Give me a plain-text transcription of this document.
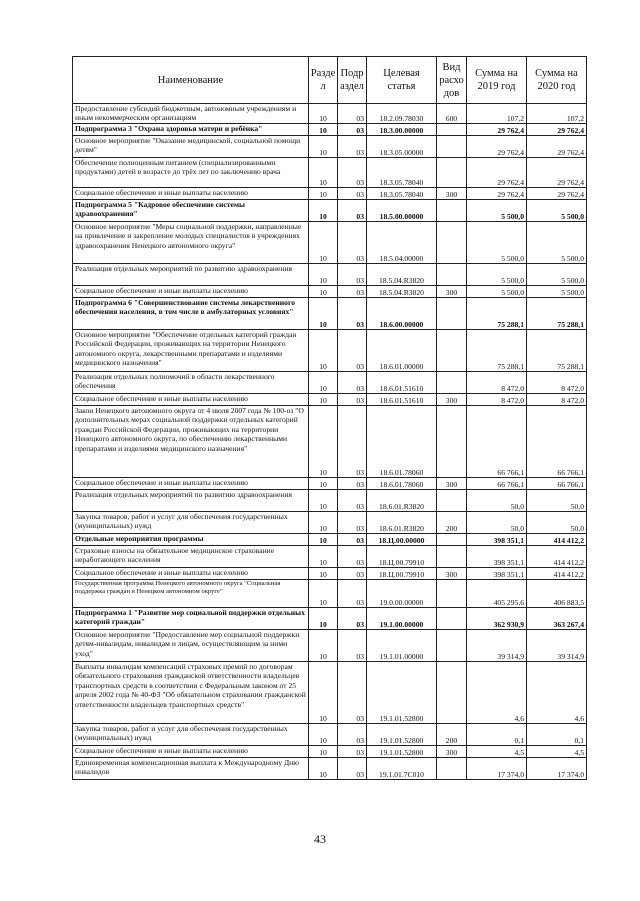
Наименование	Разде л	Подр аздел	Целевая статья	Вид расхо дов	Сумма на 2019 год	Сумма на 2020 год
Предоставление субсидий бюджетным, автономным учреждениям и иным некоммерческим организациям	10	03	18.2.09.78030	600	107,2	107,2
Подпрограмма 3 "Охрана здоровья матери и ребёнка"	10	03	18.3.00.00000		29 762,4	29 762,4
Основное мероприятие "Оказание медицинской, социальной помощи детям"	10	03	18.3.05.00000		29 762,4	29 762,4
Обеспечение полноценным питанием (специализированными продуктами) детей в возрасте до трёх лет по заключению врача	10	03	18.3.05.78040		29 762,4	29 762,4
Социальное обеспечение и иные выплаты населению	10	03	18.3.05.78040	300	29 762,4	29 762,4
Подпрограмма 5 "Кадровое обеспечение системы здравоохранения"	10	03	18.5.00.00000		5 500,0	5 500,0
Основное мероприятие "Меры социальной поддержки, направленные на привлечение и закрепление молодых специалистов в учреждениях здравоохранения Ненецкого автономного округа"	10	03	18.5.04.00000		5 500,0	5 500,0
Реализация отдельных мероприятий по развитию здравоохранения	10	03	18.5.04.R3820		5 500,0	5 500,0
Социальное обеспечение и иные выплаты населению	10	03	18.5.04.R3820	300	5 500,0	5 500,0
Подпрограмма 6 "Совершенствование системы лекарственного обеспечения населения, в том числе в амбулаторных условиях"	10	03	18.6.00.00000		75 288,1	75 288,1
Основное мероприятие "Обеспечение отдельных категорий граждан Российской Федерации, проживающих на территории Ненецкого автономного округа, лекарственными препаратами и изделиями медицинского назначения"	10	03	18.6.01.00000		75 288,1	75 288,1
Реализация отдельных полномочий в области лекарственного обеспечения	10	03	18.6.01.51610		8 472,0	8 472,0
Социальное обеспечение и иные выплаты населению	10	03	18.6.01.51610	300	8 472,0	8 472,0
Закон Ненецкого автономного округа от 4 июля 2007 года № 100-оз "О дополнительных мерах социальной поддержки отдельных категорий граждан Российской Федерации, проживающих на территории Ненецкого автономного округа, по обеспечению лекарственными препаратами и изделиями медицинского назначения"	10	03	18.6.01.78060		66 766,1	66 766,1
Социальное обеспечение и иные выплаты населению	10	03	18.6.01.78060	300	66 766,1	66 766,1
Реализация отдельных мероприятий по развитию здравоохранения	10	03	18.6.01.R3820		50,0	50,0
Закупка товаров, работ и услуг для обеспечения государственных (муниципальных) нужд	10	03	18.6.01.R3820	200	50,0	50,0
Отдельные мероприятия программы	10	03	18.Ц.00.00000		398 351,1	414 412,2
Страховые взносы на обязательное медицинское страхование неработающего населения	10	03	18.Ц.00.79910		398 351,1	414 412,2
Социальное обеспечение и иные выплаты населению	10	03	18.Ц.00.79910	300	398 351,1	414 412,2
Государственная программа Ненецкого автономного округа "Социальная поддержка граждан в Ненецком автономном округе"	10	03	19.0.00.00000		405 295,6	406 883,5
Подпрограмма 1 "Развитие мер социальной поддержки отдельных категорий граждан"	10	03	19.1.00.00000		362 930,9	363 267,4
Основное мероприятие "Предоставление мер социальной поддержки детям-инвалидам, инвалидам и лицам, осуществляющим за ними уход"	10	03	19.1.01.00000		39 314,9	39 314,9
Выплаты инвалидам компенсаций страховых премий по договорам обязательного страхования гражданской ответственности владельцев транспортных средств в соответствии с Федеральным законом от 25 апреля 2002 года № 40-ФЗ "Об обязательном страховании гражданской ответственности владельцев транспортных средств"	10	03	19.1.01.52800		4,6	4,6
Закупка товаров, работ и услуг для обеспечения государственных (муниципальных) нужд	10	03	19.1.01.52800	200	0,1	0,1
Социальное обеспечение и иные выплаты населению	10	03	19.1.01.52800	300	4,5	4,5
Единовременная компенсационная выплата к Международному Дню инвалидов	10	03	19.1.01.7C010		17 374,0	17 374,0
43
